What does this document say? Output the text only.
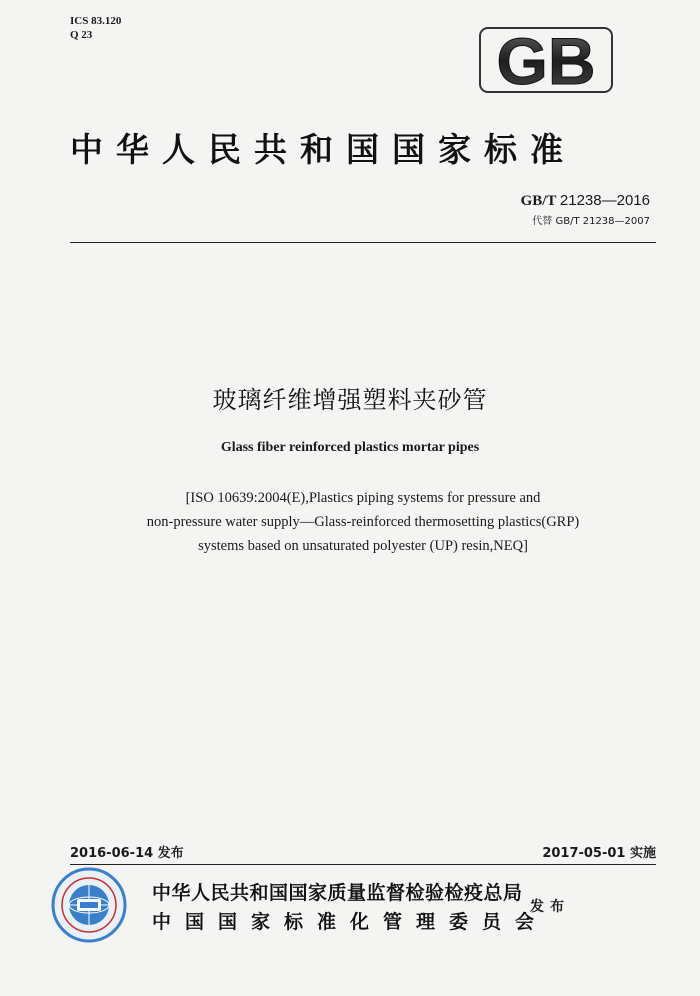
ICS 83.120
Q 23	GB
中华人民共和国国家标准
GB/T 21238—2016
代替 GB/T 21238—2007
玻璃纤维增强塑料夹砂管
Glass fiber reinforced plastics mortar pipes
[ISO 10639:2004(E),Plastics piping systems for pressure and
non-pressure water supply—Glass-reinforced thermosetting plastics(GRP)
systems based on unsaturated polyester (UP) resin,NEQ]
2016-06-14 发布	2017-05-01 实施
中华人民共和国国家质量监督检验检疫总局
中国国家标准化管理委员会
发布
